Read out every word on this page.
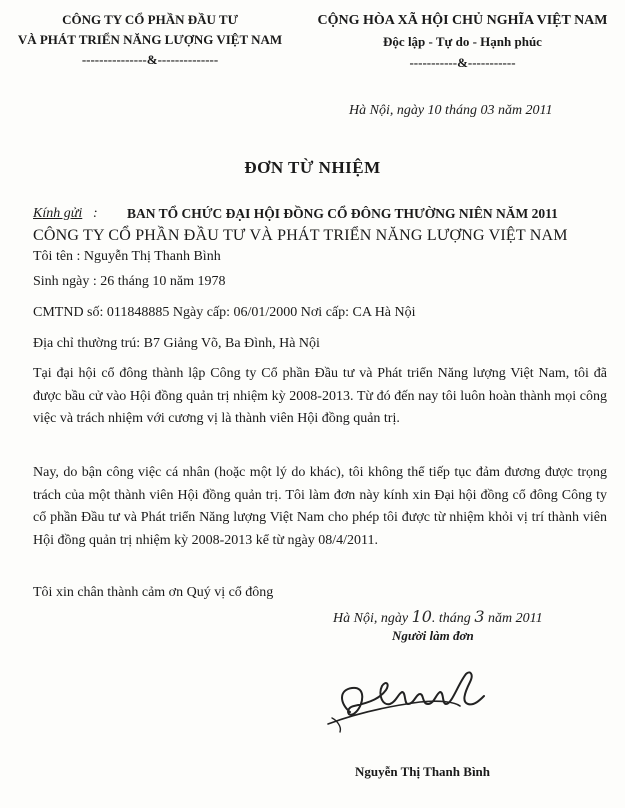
CÔNG TY CỔ PHẦN ĐẦU TƯ
VÀ PHÁT TRIỂN NĂNG LƯỢNG VIỆT NAM
---------------&--------------
CỘNG HÒA XÃ HỘI CHỦ NGHĨA VIỆT NAM
Độc lập - Tự do - Hạnh phúc
-----------&-----------
Hà Nội, ngày 10 tháng 03 năm 2011
ĐƠN TỪ NHIỆM
Kính gửi : BAN TỔ CHỨC ĐẠI HỘI ĐỒNG CỔ ĐÔNG THƯỜNG NIÊN NĂM 2011
CÔNG TY CỔ PHẦN ĐẦU TƯ VÀ PHÁT TRIỂN NĂNG LƯỢNG VIỆT NAM
Tôi tên : Nguyễn Thị Thanh Bình
Sinh ngày : 26 tháng 10 năm 1978
CMTND số: 011848885 Ngày cấp: 06/01/2000 Nơi cấp: CA Hà Nội
Địa chỉ thường trú: B7 Giảng Võ, Ba Đình, Hà Nội
Tại đại hội cổ đông thành lập Công ty Cổ phần Đầu tư và Phát triển Năng lượng Việt Nam, tôi đã được bầu cử vào Hội đồng quản trị nhiệm kỳ 2008-2013. Từ đó đến nay tôi luôn hoàn thành mọi công việc và trách nhiệm với cương vị là thành viên Hội đồng quản trị.
Nay, do bận công việc cá nhân (hoặc một lý do khác), tôi không thể tiếp tục đảm đương được trọng trách của một thành viên Hội đồng quản trị. Tôi làm đơn này kính xin Đại hội đồng cổ đông Công ty cổ phần Đầu tư và Phát triển Năng lượng Việt Nam cho phép tôi được từ nhiệm khỏi vị trí thành viên Hội đồng quản trị nhiệm kỳ 2008-2013 kể từ ngày 08/4/2011.
Tôi xin chân thành cảm ơn Quý vị cổ đông
Hà Nội, ngày 10. tháng 3 năm 2011
Người làm đơn
Nguyễn Thị Thanh Bình
